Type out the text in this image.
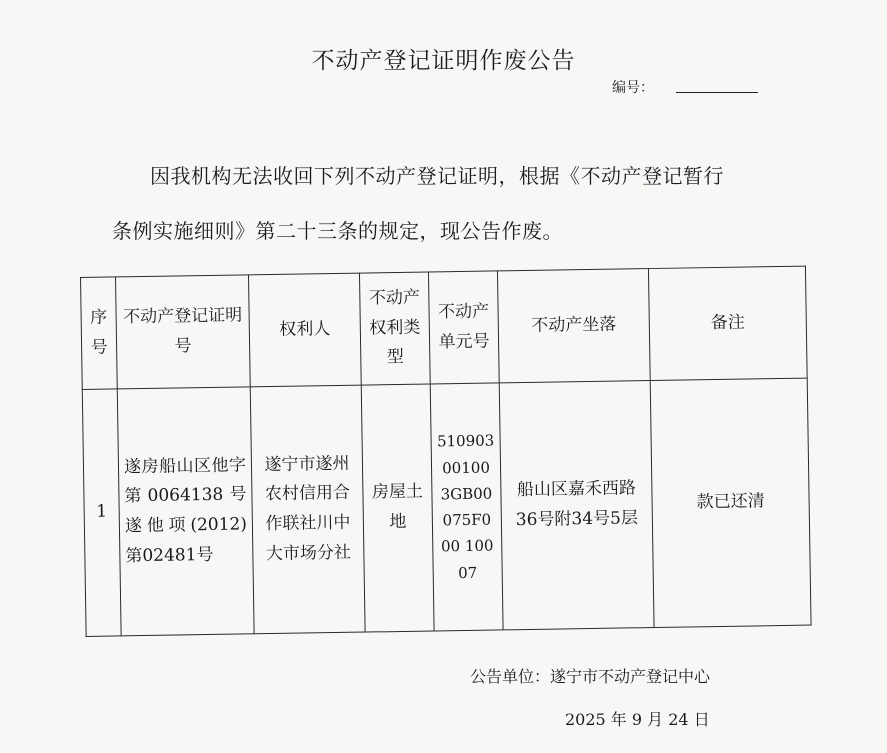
不动产登记证明作废公告
编号：
因我机构无法收回下列不动产登记证明，根据《不动产登记暂行
条例实施细则》第二十三条的规定，现公告作废。
序号	不动产登记证明号	权利人	不动产权利类型	不动产单元号	不动产坐落	备注
1	遂房船山区他字第0064138号遂他项(2012)第02481号	遂宁市遂州农村信用合作联社川中大市场分社	房屋土地	51090300100 3GB00075F000 10007	船山区嘉禾西路36号附34号5层	款已还清
公告单位：遂宁市不动产登记中心
2025 年 9 月 24 日
